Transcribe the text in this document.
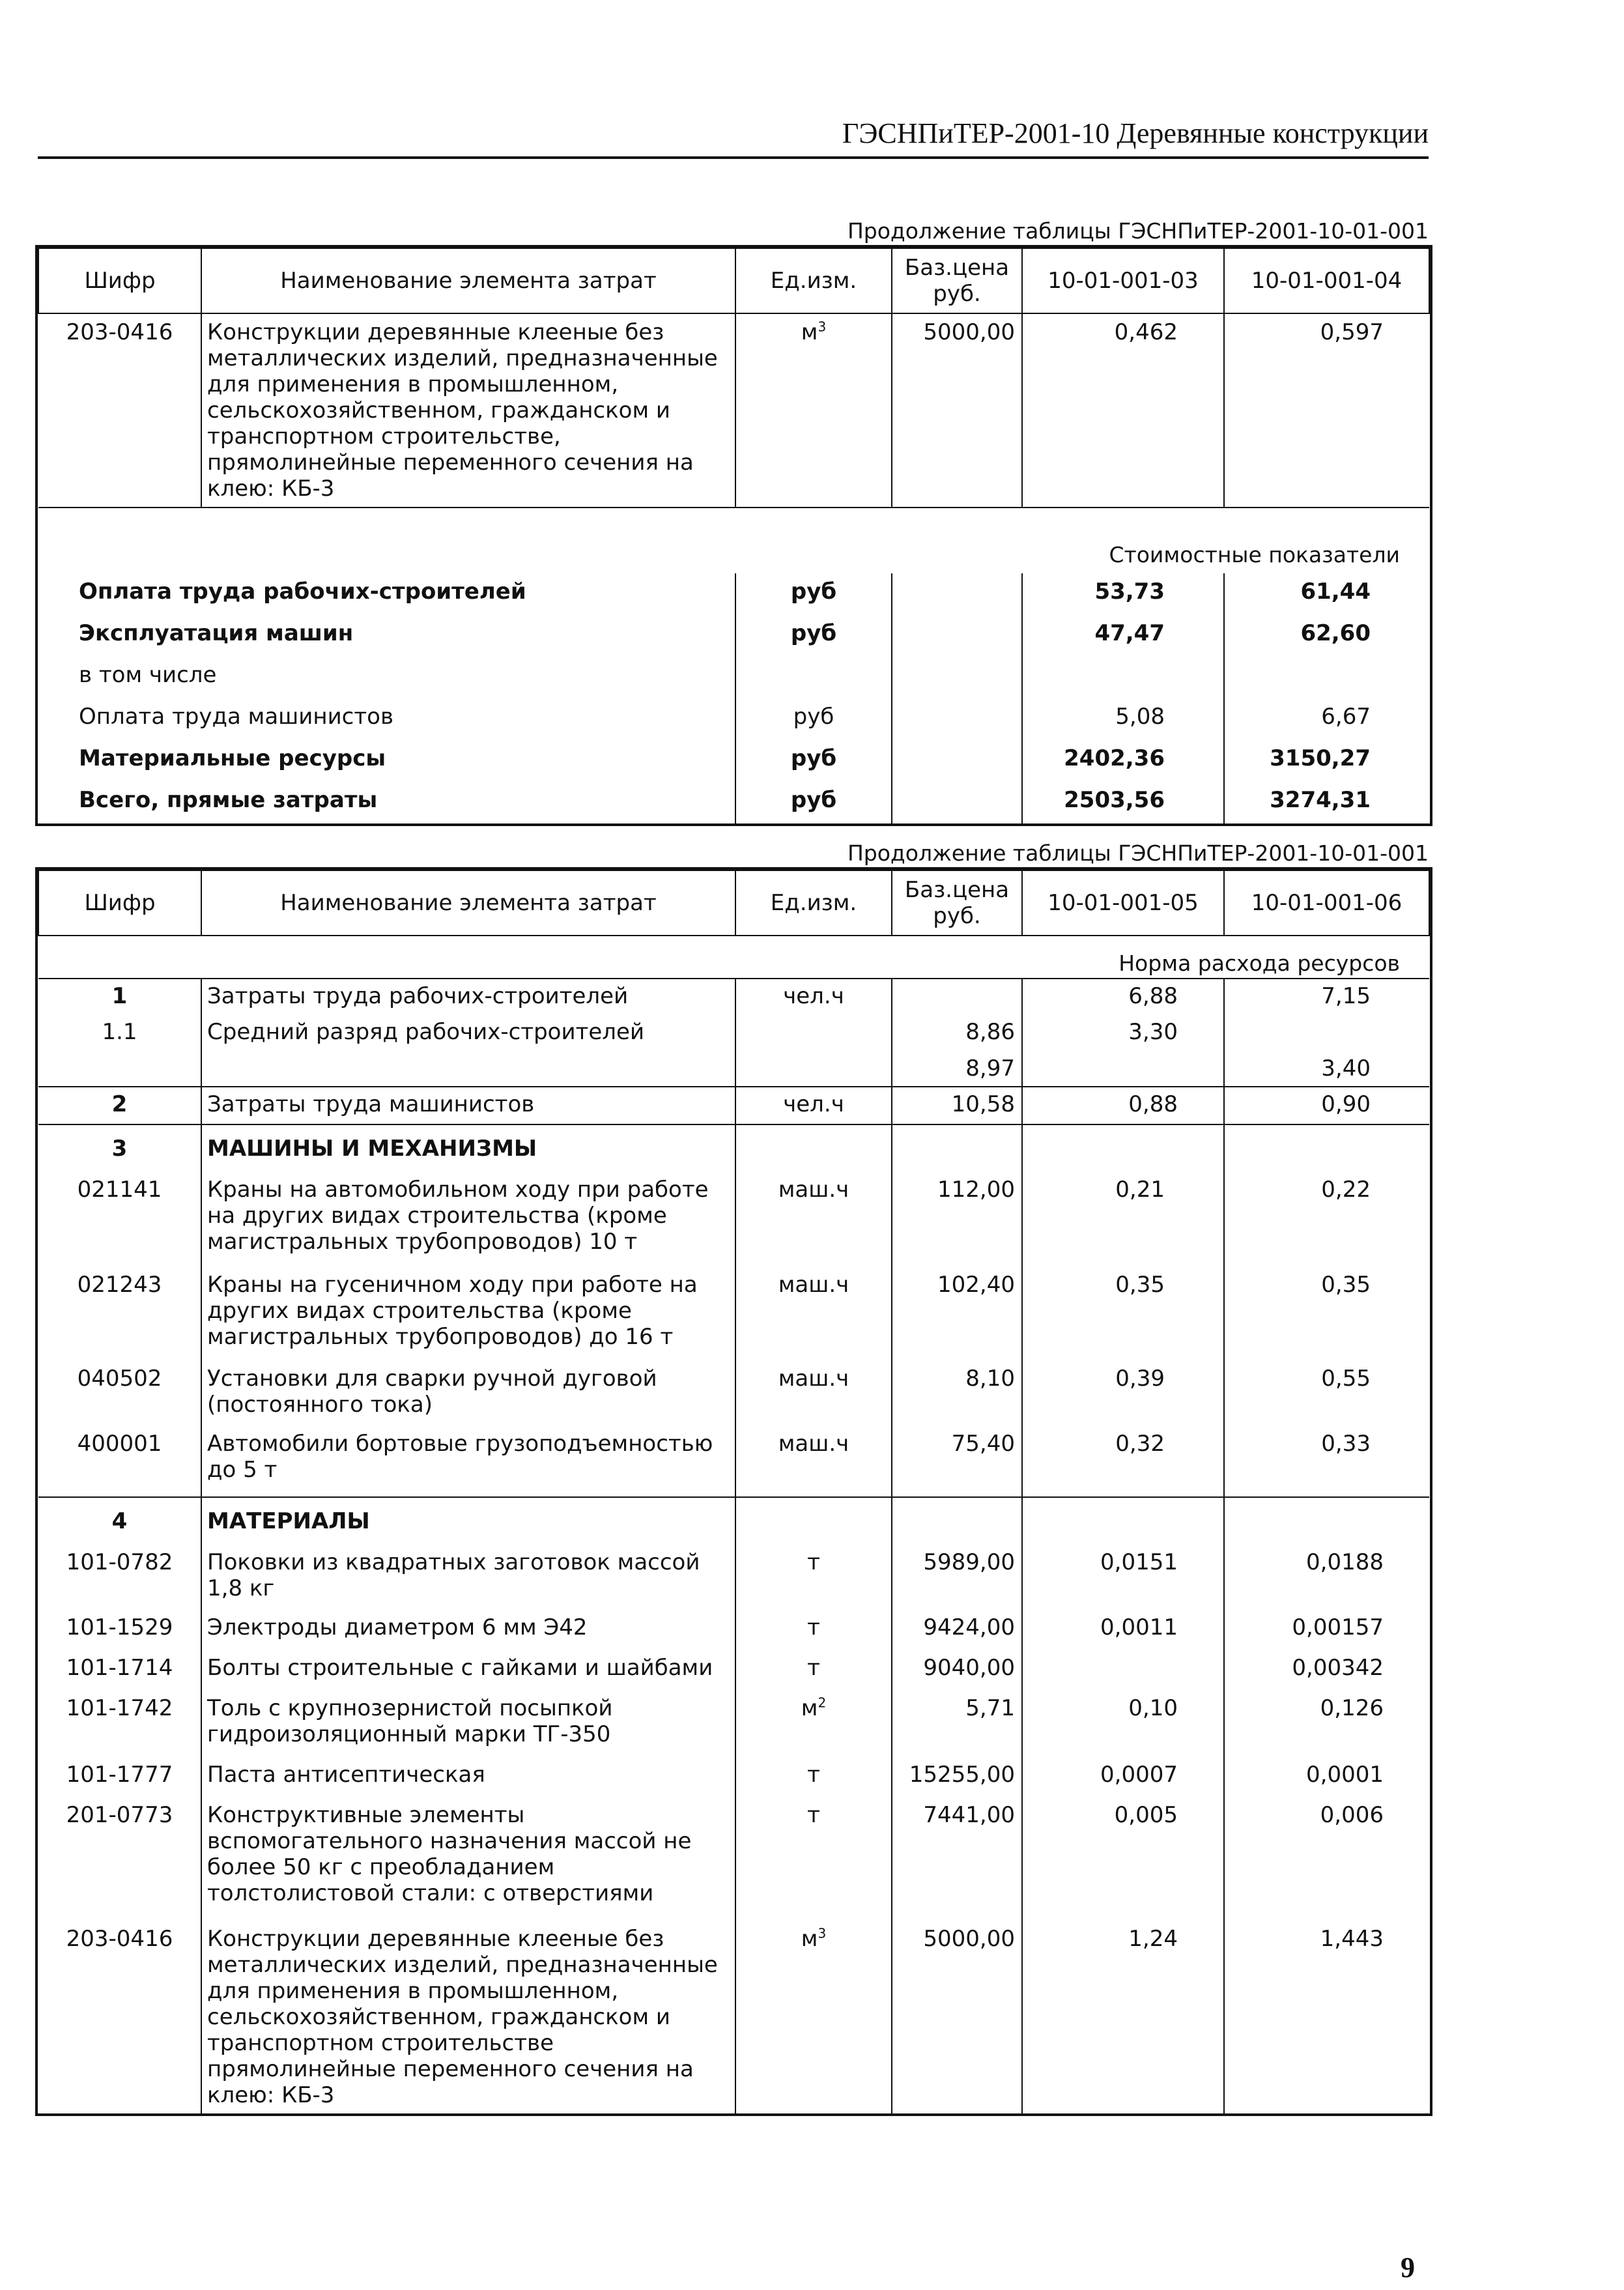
ГЭСНПиТЕР-2001-10 Деревянные конструкции
Продолжение таблицы ГЭСНПиТЕР-2001-10-01-001
Шифр	Наименование элемента затрат	Ед.изм.	Баз.цена руб.	10-01-001-03	10-01-001-04
203-0416	Конструкции деревянные клееные без металлических изделий, предназначенные для применения в промышленном, сельскохозяйственном, гражданском и транспортном строительстве, прямолинейные переменного сечения на клею: КБ-3	$м^3$	5000,00	0,462	0,597
Стоимостные показатели					
Оплата труда рабочих-строителей		руб		53,73	61,44
Эксплуатация машин		руб		47,47	62,60
в том числе					
Оплата труда машинистов		руб		5,08	6,67
Материальные ресурсы		руб		2402,36	3150,27
Всего, прямые затраты		руб		2503,56	3274,31
Продолжение таблицы ГЭСНПиТЕР-2001-10-01-001
Шифр	Наименование элемента затрат	Ед.изм.	Баз.цена руб.	10-01-001-05	10-01-001-06
Норма расхода ресурсов					
1	Затраты труда рабочих-строителей	чел.ч		6,88	7,15
1.1	Средний разряд рабочих-строителей		8,86	3,30	
			8,97		3,40
2	Затраты труда машинистов	чел.ч	10,58	0,88	0,90
3	МАШИНЫ И МЕХАНИЗМЫ				
021141	Краны на автомобильном ходу при работе на других видах строительства (кроме магистральных трубопроводов) 10 т	маш.ч	112,00	0,21	0,22
021243	Краны на гусеничном ходу при работе на других видах строительства (кроме магистральных трубопроводов) до 16 т	маш.ч	102,40	0,35	0,35
040502	Установки для сварки ручной дуговой (постоянного тока)	маш.ч	8,10	0,39	0,55
400001	Автомобили бортовые грузоподъемностью до 5 т	маш.ч	75,40	0,32	0,33
4	МАТЕРИАЛЫ				
101-0782	Поковки из квадратных заготовок массой 1,8 кг	т	5989,00	0,0151	0,0188
101-1529	Электроды диаметром 6 мм Э42	т	9424,00	0,0011	0,00157
101-1714	Болты строительные с гайками и шайбами	т	9040,00		0,00342
101-1742	Толь с крупнозернистой посыпкой гидроизоляционный марки ТГ-350	$м^2$	5,71	0,10	0,126
101-1777	Паста антисептическая	т	15255,00	0,0007	0,0001
201-0773	Конструктивные элементы вспомогательного назначения массой не более 50 кг с преобладанием толстолистовой стали: с отверстиями	т	7441,00	0,005	0,006
203-0416	Конструкции деревянные клееные без металлических изделий, предназначенные для применения в промышленном, сельскохозяйственном, гражданском и транспортном строительстве прямолинейные переменного сечения на клею: КБ-3	$м^3$	5000,00	1,24	1,443
9
